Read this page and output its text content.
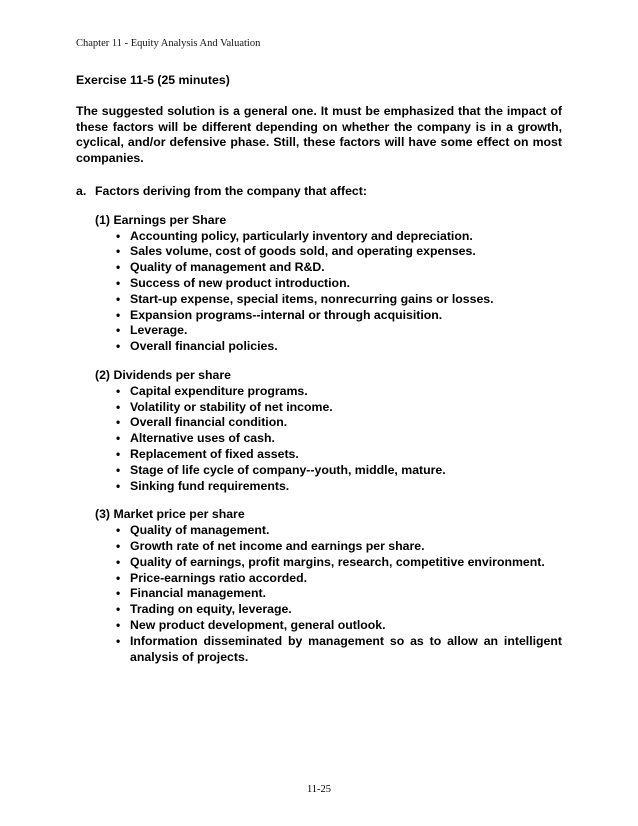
Chapter 11 - Equity Analysis And Valuation

Exercise 11-5 (25 minutes)

The suggested solution is a general one. It must be emphasized that the impact of these factors will be different depending on whether the company is in a growth, cyclical, and/or defensive phase. Still, these factors will have some effect on most companies.

a. Factors deriving from the company that affect:

(1) Earnings per Share

• Accounting policy, particularly inventory and depreciation.
• Sales volume, cost of goods sold, and operating expenses.
• Quality of management and R&D.
• Success of new product introduction.
• Start-up expense, special items, nonrecurring gains or losses.
• Expansion programs--internal or through acquisition.
• Leverage.
• Overall financial policies.

(2) Dividends per share

• Capital expenditure programs.
• Volatility or stability of net income.
• Overall financial condition.
• Alternative uses of cash.
• Replacement of fixed assets.
• Stage of life cycle of company--youth, middle, mature.
• Sinking fund requirements.

(3) Market price per share

• Quality of management.
• Growth rate of net income and earnings per share.
• Quality of earnings, profit margins, research, competitive environment.
• Price-earnings ratio accorded.
• Financial management.
• Trading on equity, leverage.
• New product development, general outlook.
• Information disseminated by management so as to allow an intelligent analysis of projects.
11-25
